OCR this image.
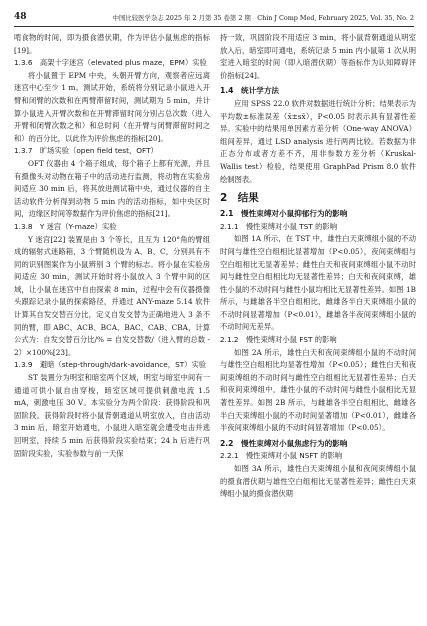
48	中国比较医学杂志 2025 年 2 月第 35 卷第 2 期　Chin J Comp Med, February 2025, Vol. 35, No. 2

啃食物的时间，即为摄食潜伏期，作为评估小鼠焦虑的指标[19]。

1.3.6　高架十字迷宫（elevated plus maze，EPM）实验

将小鼠置于 EPM 中央，头朝开臂方向，观察者应远离迷宫中心至少 1 m。测试开始，系统将分别记录小鼠进入开臂和闭臂的次数和在两臂滞留时间，测试期为 5 min，并计算小鼠进入开臂次数和在开臂滞留时间分别占总次数（进入开臂和闭臂次数之和）和总时间（在开臂与闭臂滞留时间之和）的百分比，以此作为评价焦虑的指标[20]。

1.3.7　旷场实验（open field test，OFT）

OFT 仪器由 4 个箱子组成，每个箱子上都有光源，并且有摄像头对动物在箱子中的活动进行监测，将动物在实验房间适应 30 min 后，将其放进测试箱中央，通过仪器的自主活动软件分析得到动物 5 min 内的活动指标，如中央区时间，边缘区时间等数据作为评价焦虑的指标[21]。

1.3.8　Y 迷宫（Y-maze）实验

Y 迷宫[22] 装置是由 3 个等长，且互为 120°角的臂组成的辐射式迷路箱，3 个臂随机设为 A、B、C，分别具有不同的识别图案作为小鼠辨别 3 个臂的标志。将小鼠在实验房间适应 30 min，测试开始时将小鼠放入 3 个臂中间的区域，让小鼠在迷宫中自由探索 8 min，过程中会有仪器摄像头跟踪记录小鼠的探索路径，并通过 ANY-maze 5.14 软件计算其自发交替百分比，定义自发交替为正确地进入 3 条不同的臂，即 ABC、ACB、BCA、BAC、CAB、CBA，计算公式为：自发交替百分比/% = 自发交替数/（进入臂的总数 - 2）×100%[23]。

1.3.9　避暗（step-through/dark-avoidance，ST）实验

ST 装置分为明室和暗室两个区域，明室与暗室中间有一通道可供小鼠自由穿梭，暗室区域可提供刺激电流 1.5 mA，刺激电压 30 V。本实验分为两个阶段：获得阶段和巩固阶段。获得阶段时将小鼠背朝通道从明室放入，自由活动 3 min 后，暗室开始通电，小鼠进入暗室就会遭受电击并逃回明室，持续 5 min 后获得阶段实验结束；24 h 后进行巩固阶段实验，实验参数与前一天保

持一致，巩固阶段不用适应 3 min，将小鼠背朝通道从明室放入后，暗室即可通电，系统记录 5 min 内小鼠第 1 次从明室进入暗室的时间（即入暗潜伏期）等指标作为认知障碍评价指标[24]。

1.4　统计学方法

应用 SPSS 22.0 软件对数据进行统计分析；结果表示为平均数±标准误差（x̄±sx̄），P<0.05 时表示具有显著性差异。实验中的结果用单因素方差分析（One-way ANOVA）组间差异，通过 LSD analysis 进行两两比较。若数据为非正态分布或者方差不齐，用非参数方差分析（Kruskal-Wallis test）检验，结果使用 GraphPad Prism 8.0 软件绘制图表。

2　结果

2.1　慢性束缚对小鼠抑郁行为的影响

2.1.1　慢性束缚对小鼠 TST 的影响

如图 1A 所示，在 TST 中，雄性白天束缚组小鼠的不动时间与雄性空白组相比显著增加（P<0.05），夜间束缚组与空白组相比无显著差异；雌性白天和夜间束缚组小鼠不动时间与雌性空白组相比均无显著性差异；白天和夜间束缚，雄性小鼠的不动时间与雌性小鼠均相比无显著性差异。如图 1B 所示，与雌雄各半空白组相比，雌雄各半白天束缚组小鼠的不动时间显著增加（P<0.01），雌雄各半夜间束缚组小鼠的不动时间无差异。

2.1.2　慢性束缚对小鼠 FST 的影响

如图 2A 所示，雄性白天和夜间束缚组小鼠的不动时间与雄性空白组相比均显著性增加（P<0.05）；雌性白天和夜间束缚组的不动时间与雌性空白组相比无显著性差异；白天和夜间束缚组中，雄性小鼠的不动时间与雌性小鼠相比无显著性差异。如图 2B 所示，与雌雄各半空白组相比，雌雄各半白天束缚组小鼠的不动时间显著增加（P<0.01），雌雄各半夜间束缚组小鼠的不动时间显著增加（P<0.05）。

2.2　慢性束缚对小鼠焦虑行为的影响

2.2.1　慢性束缚对小鼠 NSFT 的影响

如图 3A 所示，雄性白天束缚组小鼠和夜间束缚组小鼠的摄食潜伏期与雄性空白组相比无显著性差异；雌性白天束缚组小鼠的摄食潜伏期
